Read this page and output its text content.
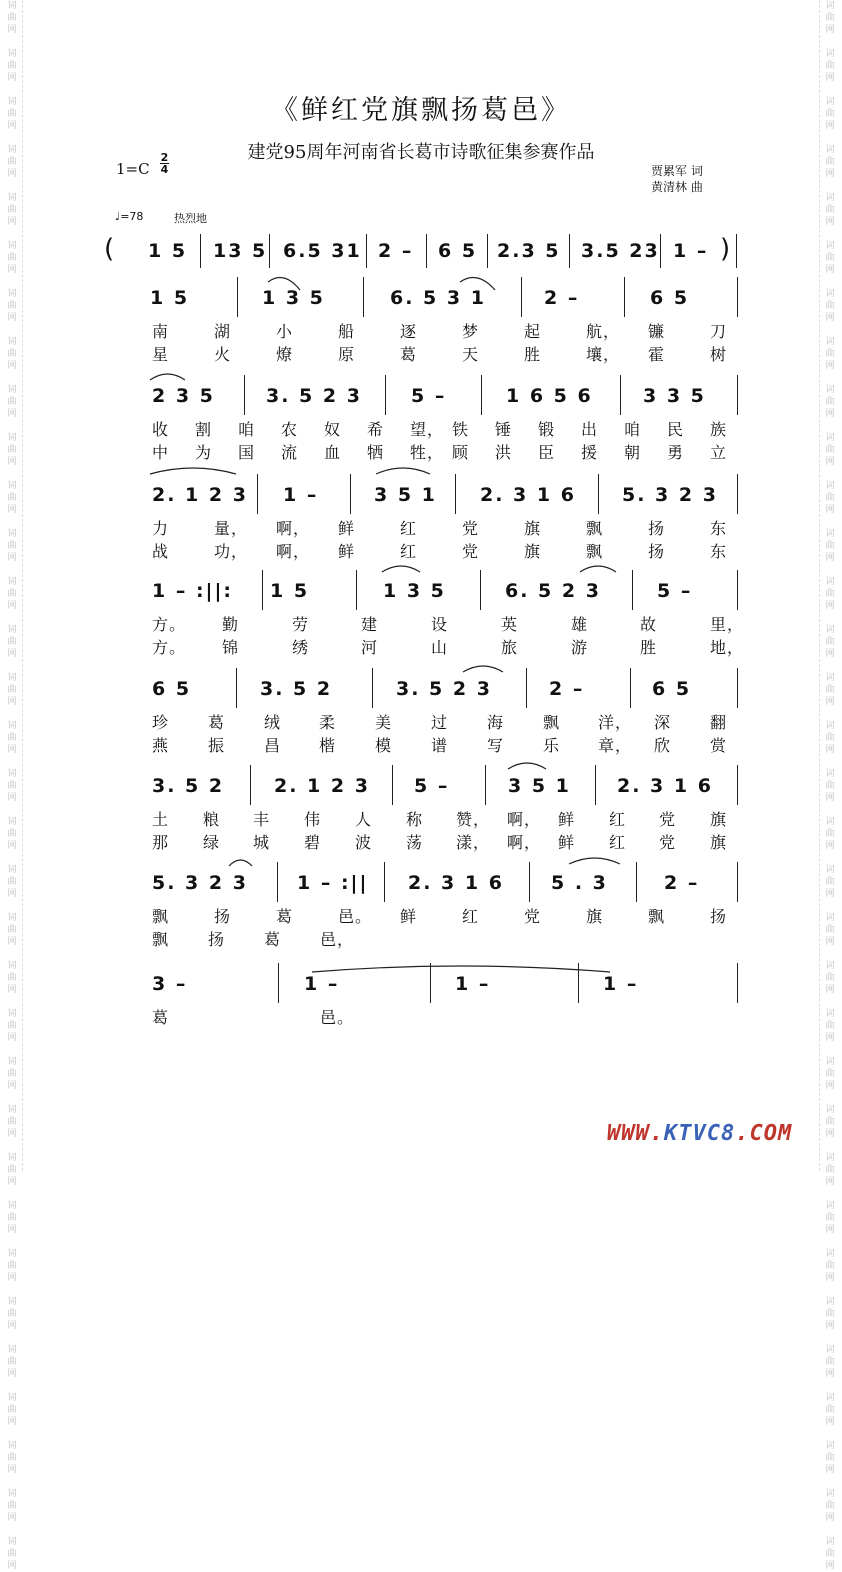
词曲网
词曲网
词曲网
词曲网
词曲网
词曲网
词曲网
词曲网
词曲网
词曲网
词曲网
词曲网
词曲网
词曲网
词曲网
词曲网
词曲网
词曲网
词曲网
词曲网
词曲网
词曲网
词曲网
词曲网
词曲网
词曲网
词曲网
词曲网
词曲网
词曲网
词曲网
词曲网
词曲网
词曲网
词曲网
词曲网
词曲网
词曲网
词曲网
词曲网
词曲网
词曲网
词曲网
词曲网
词曲网
词曲网
词曲网
词曲网
词曲网
词曲网
词曲网
词曲网
词曲网
词曲网
词曲网
词曲网
词曲网
词曲网
词曲网
词曲网
词曲网
词曲网
词曲网
词曲网
词曲网
词曲网
《鲜红党旗飘扬葛邑》
建党95周年河南省长葛市诗歌征集参赛作品
1=C
2
4	贾累军 词
黄清林 曲
♩=78	热烈地
(	)
1 5 13 5 6.5 31 2 – 6 5 2.3 5 3.5 23 1 –
1 5	1 3 5	6. 5 3 1	2 –	6 5
南	湖	小	船	逐	梦	起	航， 镰	刀
星	火	燎	原	葛	天	胜	壤， 霍	树
2 3 5	3. 5 2 3	5 –	1 6 5 6	3 3 5
收 割 咱 农 奴 希 望， 铁 锤 锻 出 咱 民 族
中 为 国 流 血 牺 牲， 顾 洪 臣 援 朝 勇 立
2. 1 2 3 1 –	3 5 1 2. 3 1 6 5. 3 2 3
力	量， 啊， 鲜	红	党	旗	飘	扬	东
战	功， 啊， 鲜	红	党	旗	飘	扬	东
1 – :||: 1 5	1 3 5	6. 5 2 3	5 –
方。 勤	劳	建	设	英	雄	故	里，
方。 锦	绣	河	山	旅	游	胜	地，
6 5	3. 5 2	3. 5 2 3	2 –	6 5
珍 葛 绒 柔 美 过 海 飘 洋， 深 翻
燕 振 昌 楷 模 谱 写 乐 章， 欣 赏
3. 5 2	2. 1 2 3 5 –	3 5 1 2. 3 1 6
土 粮 丰 伟 人 称 赞， 啊， 鲜 红 党 旗
那 绿 城 碧 波 荡 漾， 啊， 鲜 红 党 旗
5. 3 2 3	1 – :|| 2. 3 1 6 5 . 3	2 –
飘	扬	葛	邑。 鲜	红	党	旗	飘	扬
飘 扬 葛 邑，
3 –	1 –	1 –	1 –
葛	邑。
WWW.KTVC8.COM
